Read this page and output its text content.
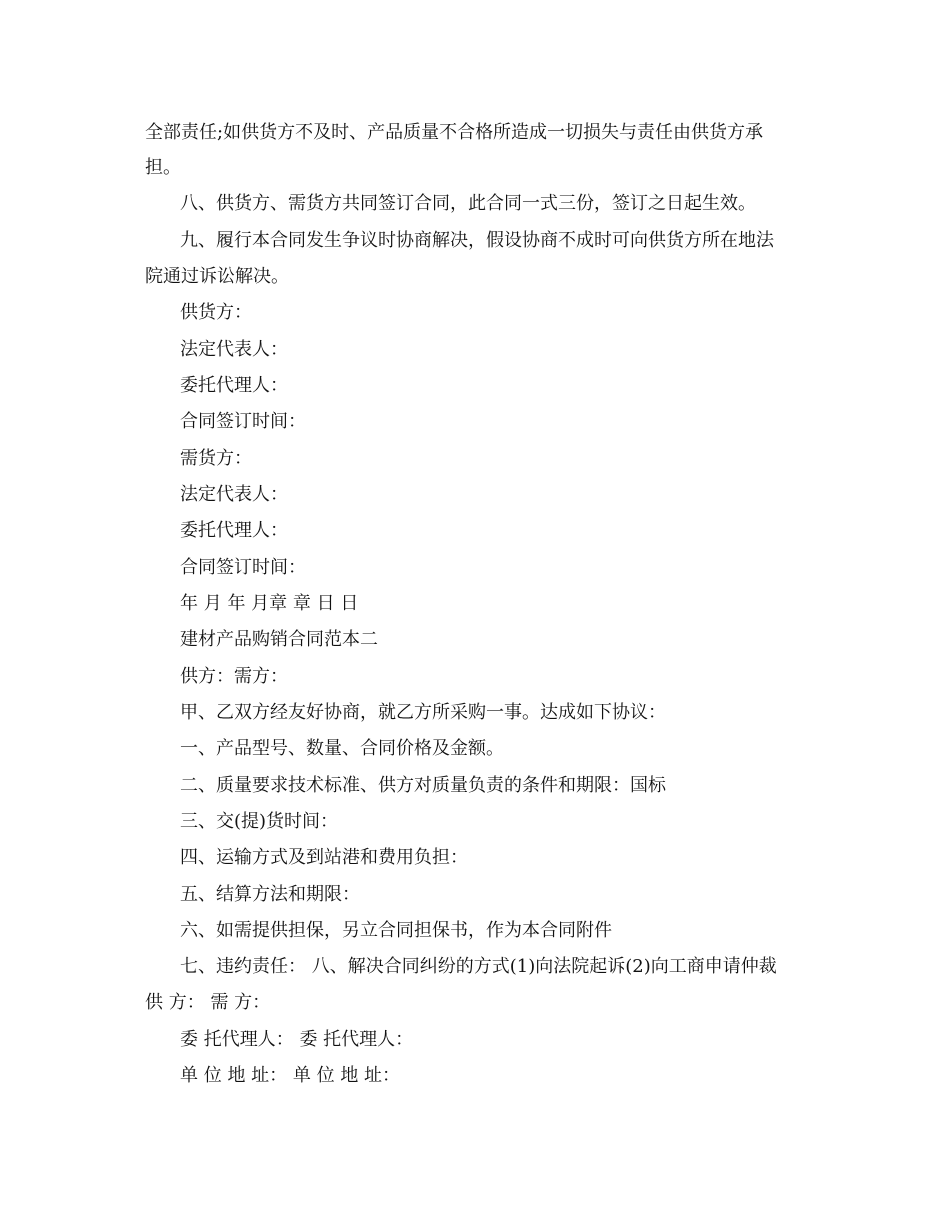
全部责任;如供货方不及时、产品质量不合格所造成一切损失与责任由供货方承

担。

八、供货方、需货方共同签订合同，此合同一式三份，签订之日起生效。

九、履行本合同发生争议时协商解决，假设协商不成时可向供货方所在地法

院通过诉讼解决。

供货方：

法定代表人：

委托代理人：

合同签订时间：

需货方：

法定代表人：

委托代理人：

合同签订时间：

年 月 年 月章 章 日 日

建材产品购销合同范本二

供方：需方：

甲、乙双方经友好协商，就乙方所采购一事。达成如下协议：

一、产品型号、数量、合同价格及金额。

二、质量要求技术标准、供方对质量负责的条件和期限：国标

三、交(提)货时间：

四、运输方式及到站港和费用负担：

五、结算方法和期限：

六、如需提供担保，另立合同担保书，作为本合同附件

七、违约责任： 八、解决合同纠纷的方式(1)向法院起诉(2)向工商申请仲裁

供 方： 需 方：

委 托代理人： 委 托代理人：

单 位 地 址： 单 位 地 址：
